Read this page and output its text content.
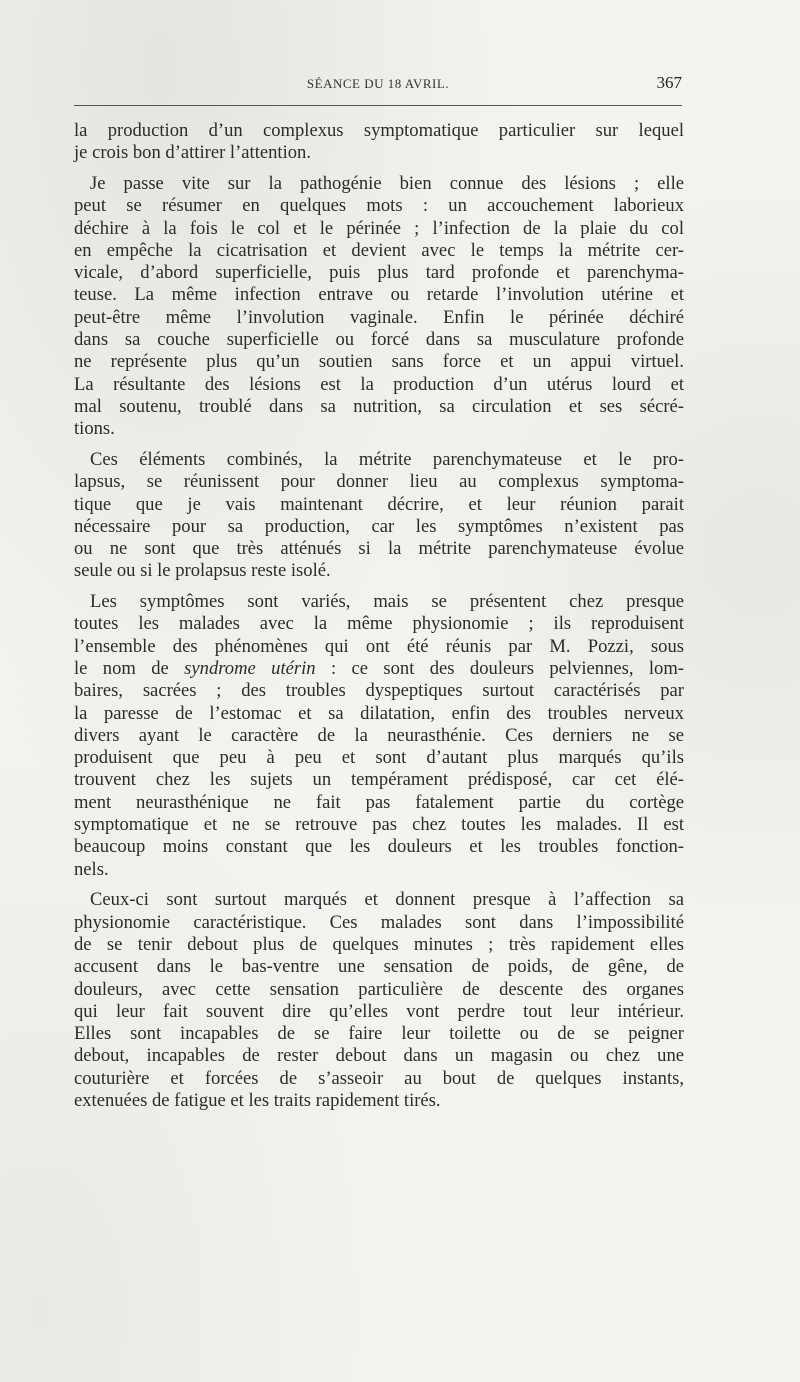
SÉANCE DU 18 AVRIL.	367

la production d’un complexus symptomatique particulier sur lequel
je crois bon d’attirer l’attention.

Je passe vite sur la pathogénie bien connue des lésions ; elle
peut se résumer en quelques mots : un accouchement laborieux
déchire à la fois le col et le périnée ; l’infection de la plaie du col
en empêche la cicatrisation et devient avec le temps la métrite cer-
vicale, d’abord superficielle, puis plus tard profonde et parenchyma-
teuse. La même infection entrave ou retarde l’involution utérine et
peut-être même l’involution vaginale. Enfin le périnée déchiré
dans sa couche superficielle ou forcé dans sa musculature profonde
ne représente plus qu’un soutien sans force et un appui virtuel.
La résultante des lésions est la production d’un utérus lourd et
mal soutenu, troublé dans sa nutrition, sa circulation et ses sécré-
tions.

Ces éléments combinés, la métrite parenchymateuse et le pro-
lapsus, se réunissent pour donner lieu au complexus symptoma-
tique que je vais maintenant décrire, et leur réunion parait
nécessaire pour sa production, car les symptômes n’existent pas
ou ne sont que très atténués si la métrite parenchymateuse évolue
seule ou si le prolapsus reste isolé.

Les symptômes sont variés, mais se présentent chez presque
toutes les malades avec la même physionomie ; ils reproduisent
l’ensemble des phénomènes qui ont été réunis par M. Pozzi, sous
le nom de syndrome utérin : ce sont des douleurs pelviennes, lom-
baires, sacrées ; des troubles dyspeptiques surtout caractérisés par
la paresse de l’estomac et sa dilatation, enfin des troubles nerveux
divers ayant le caractère de la neurasthénie. Ces derniers ne se
produisent que peu à peu et sont d’autant plus marqués qu’ils
trouvent chez les sujets un tempérament prédisposé, car cet élé-
ment neurasthénique ne fait pas fatalement partie du cortège
symptomatique et ne se retrouve pas chez toutes les malades. Il est
beaucoup moins constant que les douleurs et les troubles fonction-
nels.

Ceux-ci sont surtout marqués et donnent presque à l’affection sa
physionomie caractéristique. Ces malades sont dans l’impossibilité
de se tenir debout plus de quelques minutes ; très rapidement elles
accusent dans le bas-ventre une sensation de poids, de gêne, de
douleurs, avec cette sensation particulière de descente des organes
qui leur fait souvent dire qu’elles vont perdre tout leur intérieur.
Elles sont incapables de se faire leur toilette ou de se peigner
debout, incapables de rester debout dans un magasin ou chez une
couturière et forcées de s’asseoir au bout de quelques instants,
extenuées de fatigue et les traits rapidement tirés.
